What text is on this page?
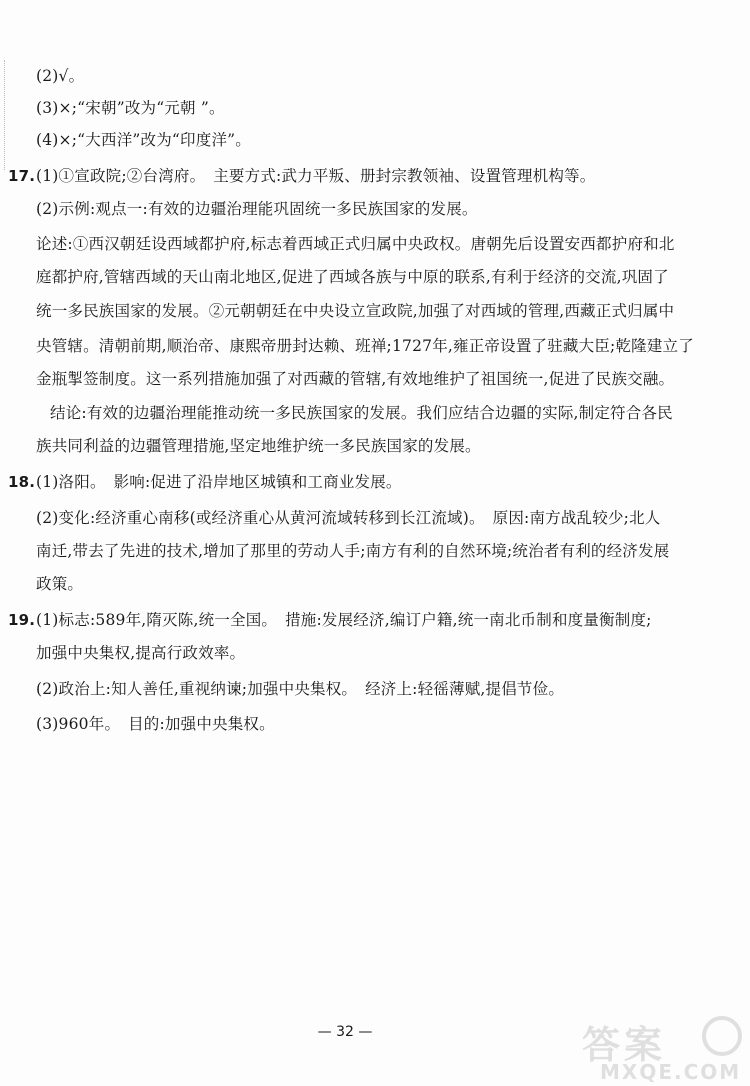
(2)√。
(3)×;“宋朝”改为“元朝 ”。
(4)×;“大西洋”改为“印度洋”。
17. (1)①宣政院;②台湾府。　主要方式:武力平叛、册封宗教领袖、设置管理机构等。
(2)示例:观点一:有效的边疆治理能巩固统一多民族国家的发展。
论述:①西汉朝廷设西域都护府,标志着西域正式归属中央政权。唐朝先后设置安西都护府和北
庭都护府,管辖西域的天山南北地区,促进了西域各族与中原的联系,有利于经济的交流,巩固了
统一多民族国家的发展。②元朝朝廷在中央设立宣政院,加强了对西域的管理,西藏正式归属中
央管辖。清朝前期,顺治帝、康熙帝册封达赖、班禅;1727年,雍正帝设置了驻藏大臣;乾隆建立了
金瓶掣签制度。这一系列措施加强了对西藏的管辖,有效地维护了祖国统一,促进了民族交融。
结论:有效的边疆治理能推动统一多民族国家的发展。我们应结合边疆的实际,制定符合各民
族共同利益的边疆管理措施,坚定地维护统一多民族国家的发展。
18. (1)洛阳。　影响:促进了沿岸地区城镇和工商业发展。
(2)变化:经济重心南移(或经济重心从黄河流域转移到长江流域)。　原因:南方战乱较少;北人
南迁,带去了先进的技术,增加了那里的劳动人手;南方有利的自然环境;统治者有利的经济发展
政策。
19. (1)标志:589年,隋灭陈,统一全国。　措施:发展经济,编订户籍,统一南北币制和度量衡制度;
加强中央集权,提高行政效率。
(2)政治上:知人善任,重视纳谏;加强中央集权。　经济上:轻徭薄赋,提倡节俭。
(3)960年。　目的:加强中央集权。
— 32 —	答案
MXQE.COM
